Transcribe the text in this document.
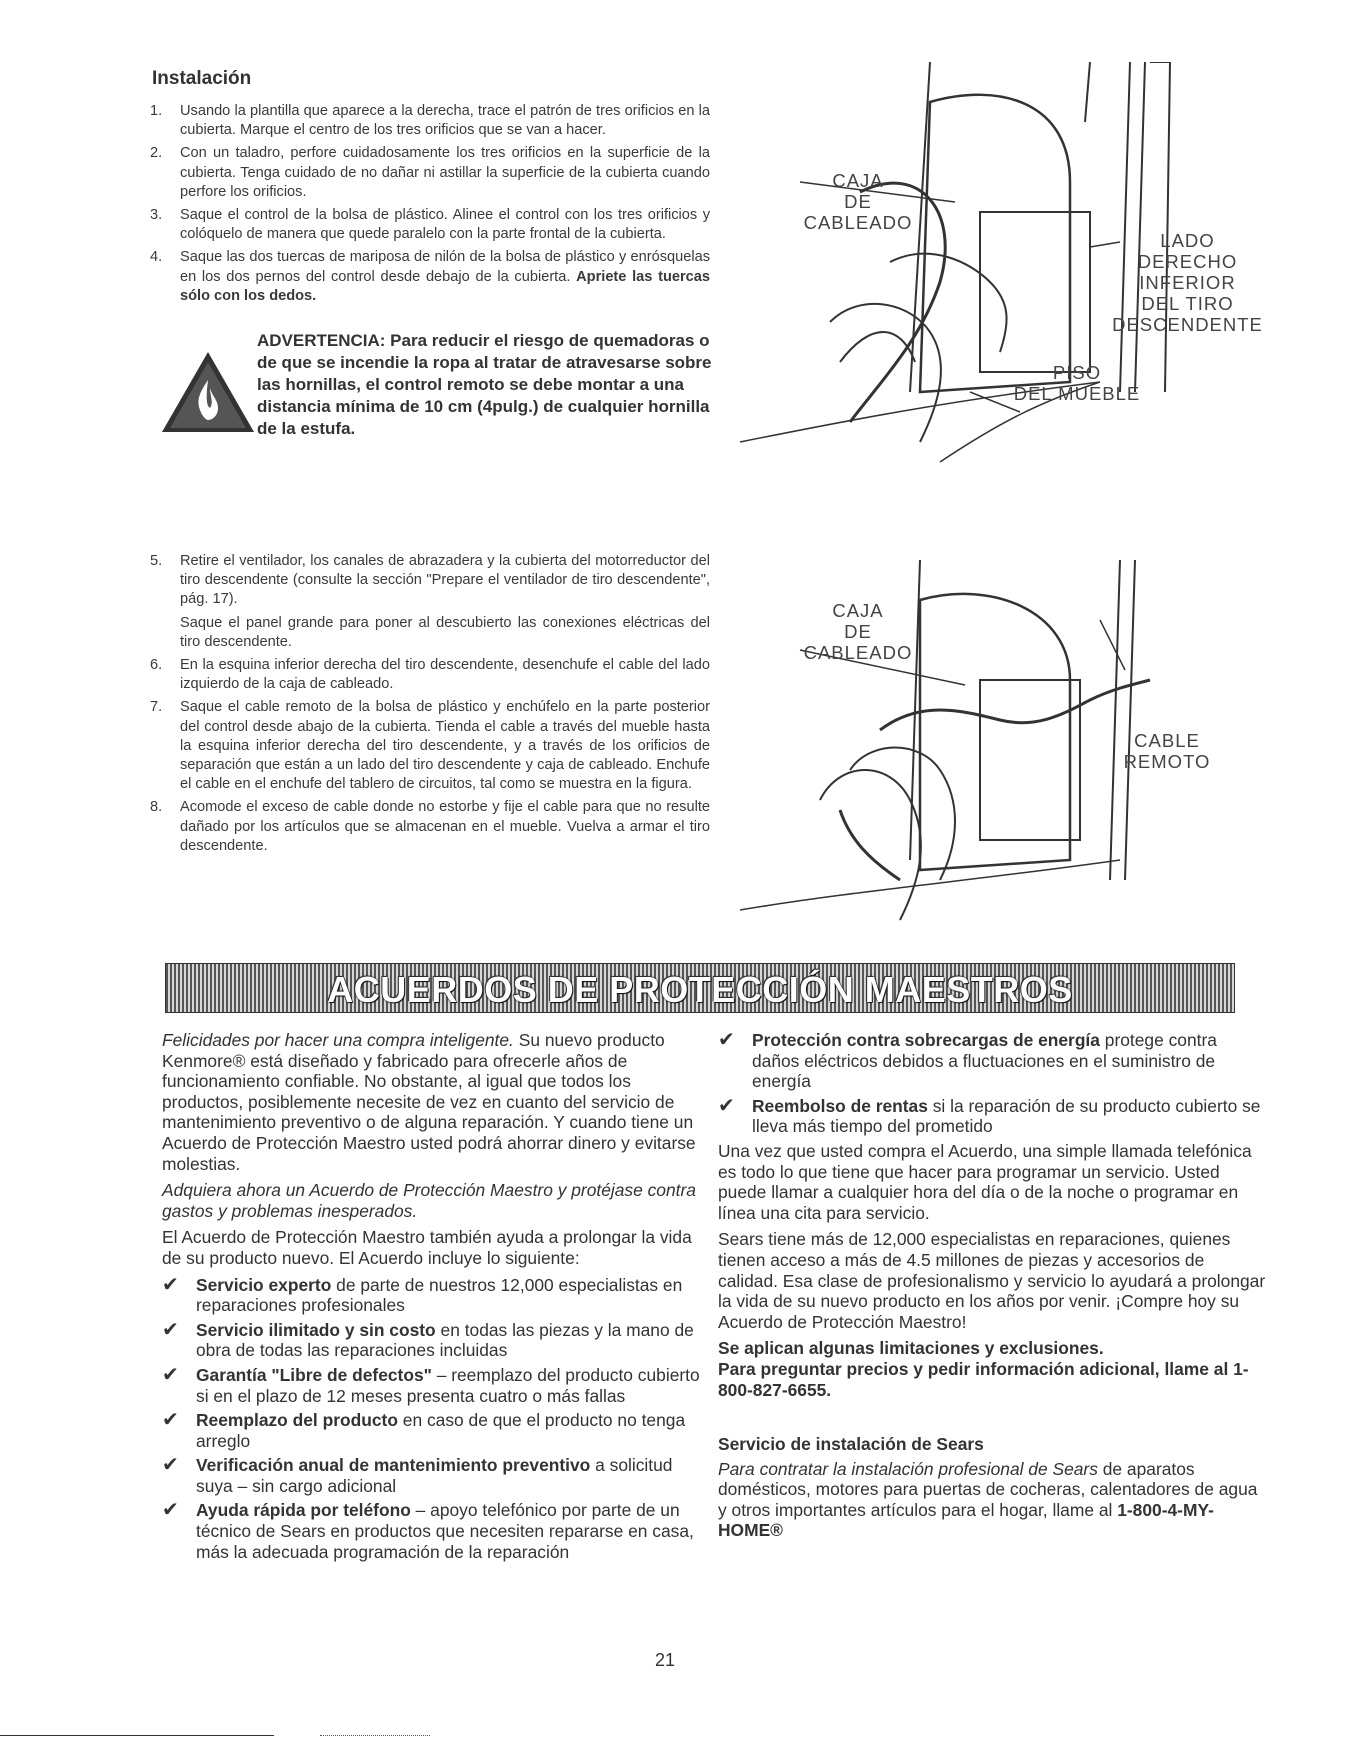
Instalación
1.	Usando la plantilla que aparece a la derecha, trace el patrón de tres orificios en la cubierta. Marque el centro de los tres orificios que se van a hacer.
2.	Con un taladro, perfore cuidadosamente los tres orificios en la superficie de la cubierta. Tenga cuidado de no dañar ni astillar la superficie de la cubierta cuando perfore los orificios.
3.	Saque el control de la bolsa de plástico. Alinee el control con los tres orificios y colóquelo de manera que quede paralelo con la parte frontal de la cubierta.
4.	Saque las dos tuercas de mariposa de nilón de la bolsa de plástico y enrósquelas en los dos pernos del control desde debajo de la cubierta. Apriete las tuercas sólo con los dedos.
ADVERTENCIA: Para reducir el riesgo de quemadoras o de que se incendie la ropa al tratar de atravesarse sobre las hornillas, el control remoto se debe montar a una distancia mínima de 10 cm (4pulg.) de cualquier hornilla de la estufa.
5.	Retire el ventilador, los canales de abrazadera y la cubierta del motorreductor del tiro descendente (consulte la sección "Prepare el ventilador de tiro descendente", pág. 17).
Saque el panel grande para poner al descubierto las conexiones eléctricas del tiro descendente.
6.	En la esquina inferior derecha del tiro descendente, desenchufe el cable del lado izquierdo de la caja de cableado.
7.	Saque el cable remoto de la bolsa de plástico y enchúfelo en la parte posterior del control desde abajo de la cubierta. Tienda el cable a través del mueble hasta la esquina inferior derecha del tiro descendente, y a través de los orificios de separación que están a un lado del tiro descendente y caja de cableado. Enchufe el cable en el enchufe del tablero de circuitos, tal como se muestra en la figura.
8.	Acomode el exceso de cable donde no estorbe y fije el cable para que no resulte dañado por los artículos que se almacenan en el mueble. Vuelva a armar el tiro descendente.
CAJA
DE
CABLEADO
LADO
DERECHO
INFERIOR
DEL TIRO
DESCENDENTE
PISO
DEL MUEBLE
CAJA
DE
CABLEADO
CABLE
REMOTO
ACUERDOS DE PROTECCIÓN MAESTROS

Felicidades por hacer una compra inteligente. Su nuevo producto Kenmore® está diseñado y fabricado para ofrecerle años de funcionamiento confiable. No obstante, al igual que todos los productos, posiblemente necesite de vez en cuanto del servicio de mantenimiento preventivo o de alguna reparación. Y cuando tiene un Acuerdo de Protección Maestro usted podrá ahorrar dinero y evitarse molestias.

Adquiera ahora un Acuerdo de Protección Maestro y protéjase contra gastos y problemas inesperados.

El Acuerdo de Protección Maestro también ayuda a prolongar la vida de su producto nuevo. El Acuerdo incluye lo siguiente:

✔ Servicio experto de parte de nuestros 12,000 especialistas en reparaciones profesionales
✔ Servicio ilimitado y sin costo en todas las piezas y la mano de obra de todas las reparaciones incluidas
✔ Garantía "Libre de defectos" – reemplazo del producto cubierto si en el plazo de 12 meses presenta cuatro o más fallas
✔ Reemplazo del producto en caso de que el producto no tenga arreglo
✔ Verificación anual de mantenimiento preventivo a solicitud suya – sin cargo adicional
✔ Ayuda rápida por teléfono – apoyo telefónico por parte de un técnico de Sears en productos que necesiten repararse en casa, más la adecuada programación de la reparación
✔ Protección contra sobrecargas de energía protege contra daños eléctricos debidos a fluctuaciones en el suministro de energía
✔ Reembolso de rentas si la reparación de su producto cubierto se lleva más tiempo del prometido

Una vez que usted compra el Acuerdo, una simple llamada telefónica es todo lo que tiene que hacer para programar un servicio. Usted puede llamar a cualquier hora del día o de la noche o programar en línea una cita para servicio.

Sears tiene más de 12,000 especialistas en reparaciones, quienes tienen acceso a más de 4.5 millones de piezas y accesorios de calidad. Esa clase de profesionalismo y servicio lo ayudará a prolongar la vida de su nuevo producto en los años por venir. ¡Compre hoy su Acuerdo de Protección Maestro!

Se aplican algunas limitaciones y exclusiones.
Para preguntar precios y pedir información adicional, llame al 1-800-827-6655.
Servicio de instalación de Sears

Para contratar la instalación profesional de Sears de aparatos domésticos, motores para puertas de cocheras, calentadores de agua y otros importantes artículos para el hogar, llame al 1-800-4-MY-HOME®

21
